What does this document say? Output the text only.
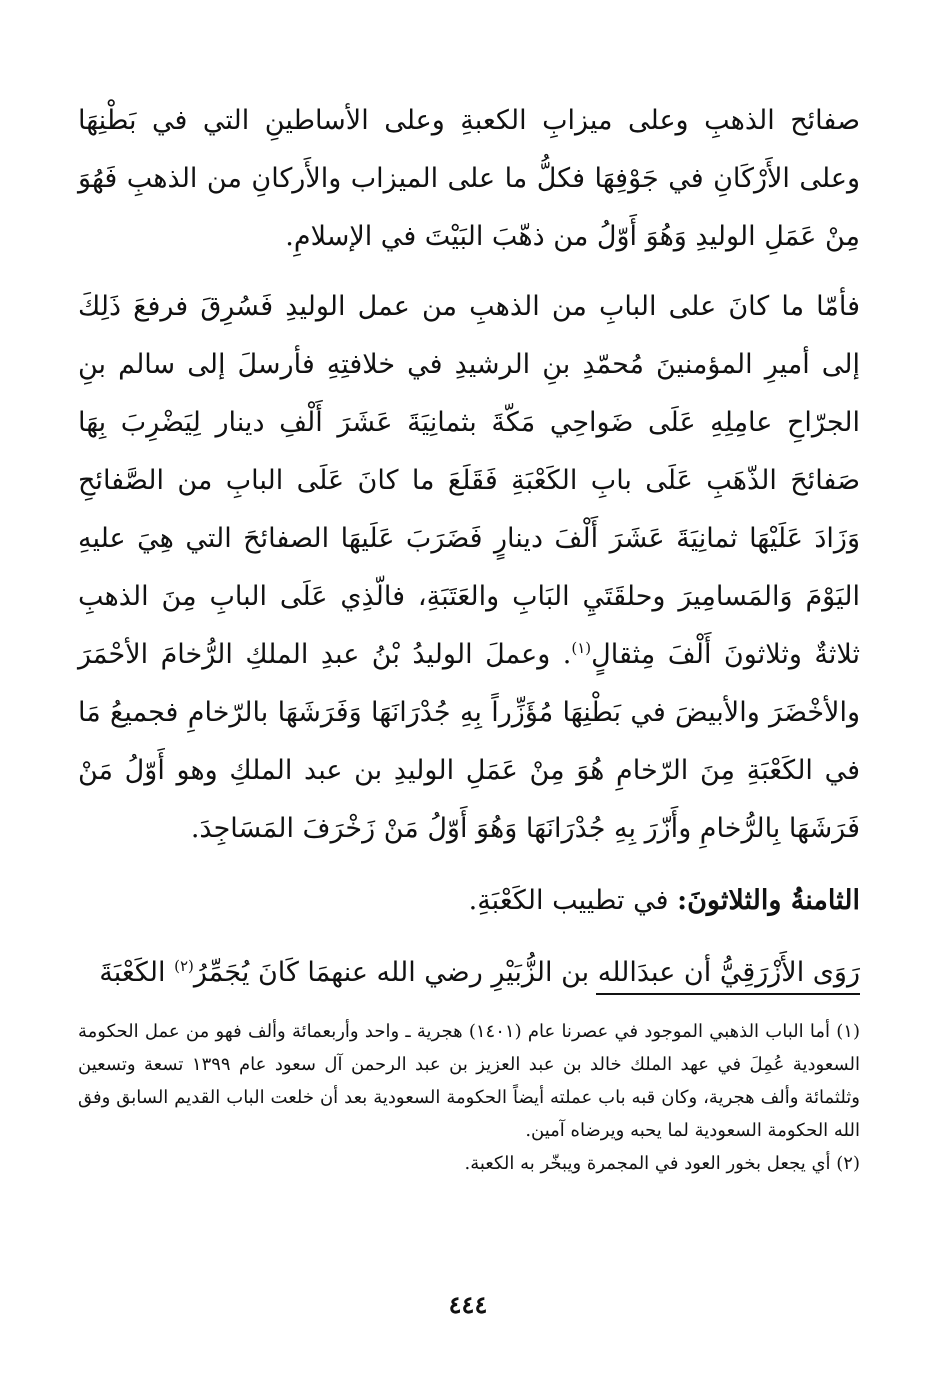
صفائح الذهبِ وعلى ميزابِ الكعبةِ وعلى الأساطينِ التي في بَطْنِهَا وعلى الأَرْكَانِ في جَوْفِهَا فكلُّ ما على الميزاب والأَركانِ من الذهبِ فَهُوَ مِنْ عَمَلِ الوليدِ وَهُوَ أَوّلُ من ذهّبَ البَيْتَ في الإسلامِ.

فأمّا ما كانَ على البابِ من الذهبِ من عمل الوليدِ فَسُرِقَ فرفعَ ذَلِكَ إلى أميرِ المؤمنينَ مُحمّدِ بنِ الرشيدِ في خلافتِهِ فأرسلَ إلى سالم بنِ الجرّاحِ عامِلِهِ عَلَى ضَواحِي مَكّةَ بثمانِيَةَ عَشَرَ أَلْفِ دينار لِيَضْرِبَ بِهَا صَفائحَ الذّهَبِ عَلَى بابِ الكَعْبَةِ فَقَلَعَ ما كانَ عَلَى البابِ من الصَّفائحِ وَزَادَ عَلَيْهَا ثمانِيَةَ عَشَرَ أَلْفَ دينارٍ فَضَرَبَ عَلَيهَا الصفائحَ التي هِيَ عليهِ اليَوْمَ وَالمَسامِيرَ وحلقَتَيِ البَابِ والعَتَبَةِ، فالّذِي عَلَى البابِ مِنَ الذهبِ ثلاثةٌ وثلاثونَ أَلْفَ مِثقالٍ$^{(١)}$. وعملَ الوليدُ بْنُ عبدِ الملكِ الرُّخامَ الأحْمَرَ والأخْضَرَ والأبيضَ في بَطْنِهَا مُؤَزِّراً بِهِ جُدْرَانَهَا وَفَرَشَهَا بالرّخامِ فجميعُ مَا في الكَعْبَةِ مِنَ الرّخامِ هُوَ مِنْ عَمَلِ الوليدِ بن عبد الملكِ وهو أَوّلُ مَنْ فَرَشَهَا بِالرُّخامِ وأَزّرَ بِهِ جُدْرَانَهَا وَهُوَ أَوّلُ مَنْ زَخْرَفَ المَسَاجِدَ.

الثامنةُ والثلاثونَ: في تطييب الكَعْبَةِ.

رَوَى الأَزْرَقِيُّ أن عبدَالله بن الزُّبَيْرِ رضي الله عنهمَا كَانَ يُجَمِّرُ$^{(٢)}$ الكَعْبَةَ

(١) أما الباب الذهبي الموجود في عصرنا عام (١٤٠١) هجرية ـ واحد وأربعمائة وألف فهو من عمل الحكومة السعودية عُمِلَ في عهد الملك خالد بن عبد العزيز بن عبد الرحمن آل سعود عام ١٣٩٩ تسعة وتسعين وثلثمائة وألف هجرية، وكان قبه باب عملته أيضاً الحكومة السعودية بعد أن خلعت الباب القديم السابق وفق الله الحكومة السعودية لما يحبه ويرضاه آمين.

(٢) أي يجعل بخور العود في المجمرة ويبخّر به الكعبة.

٤٤٤
